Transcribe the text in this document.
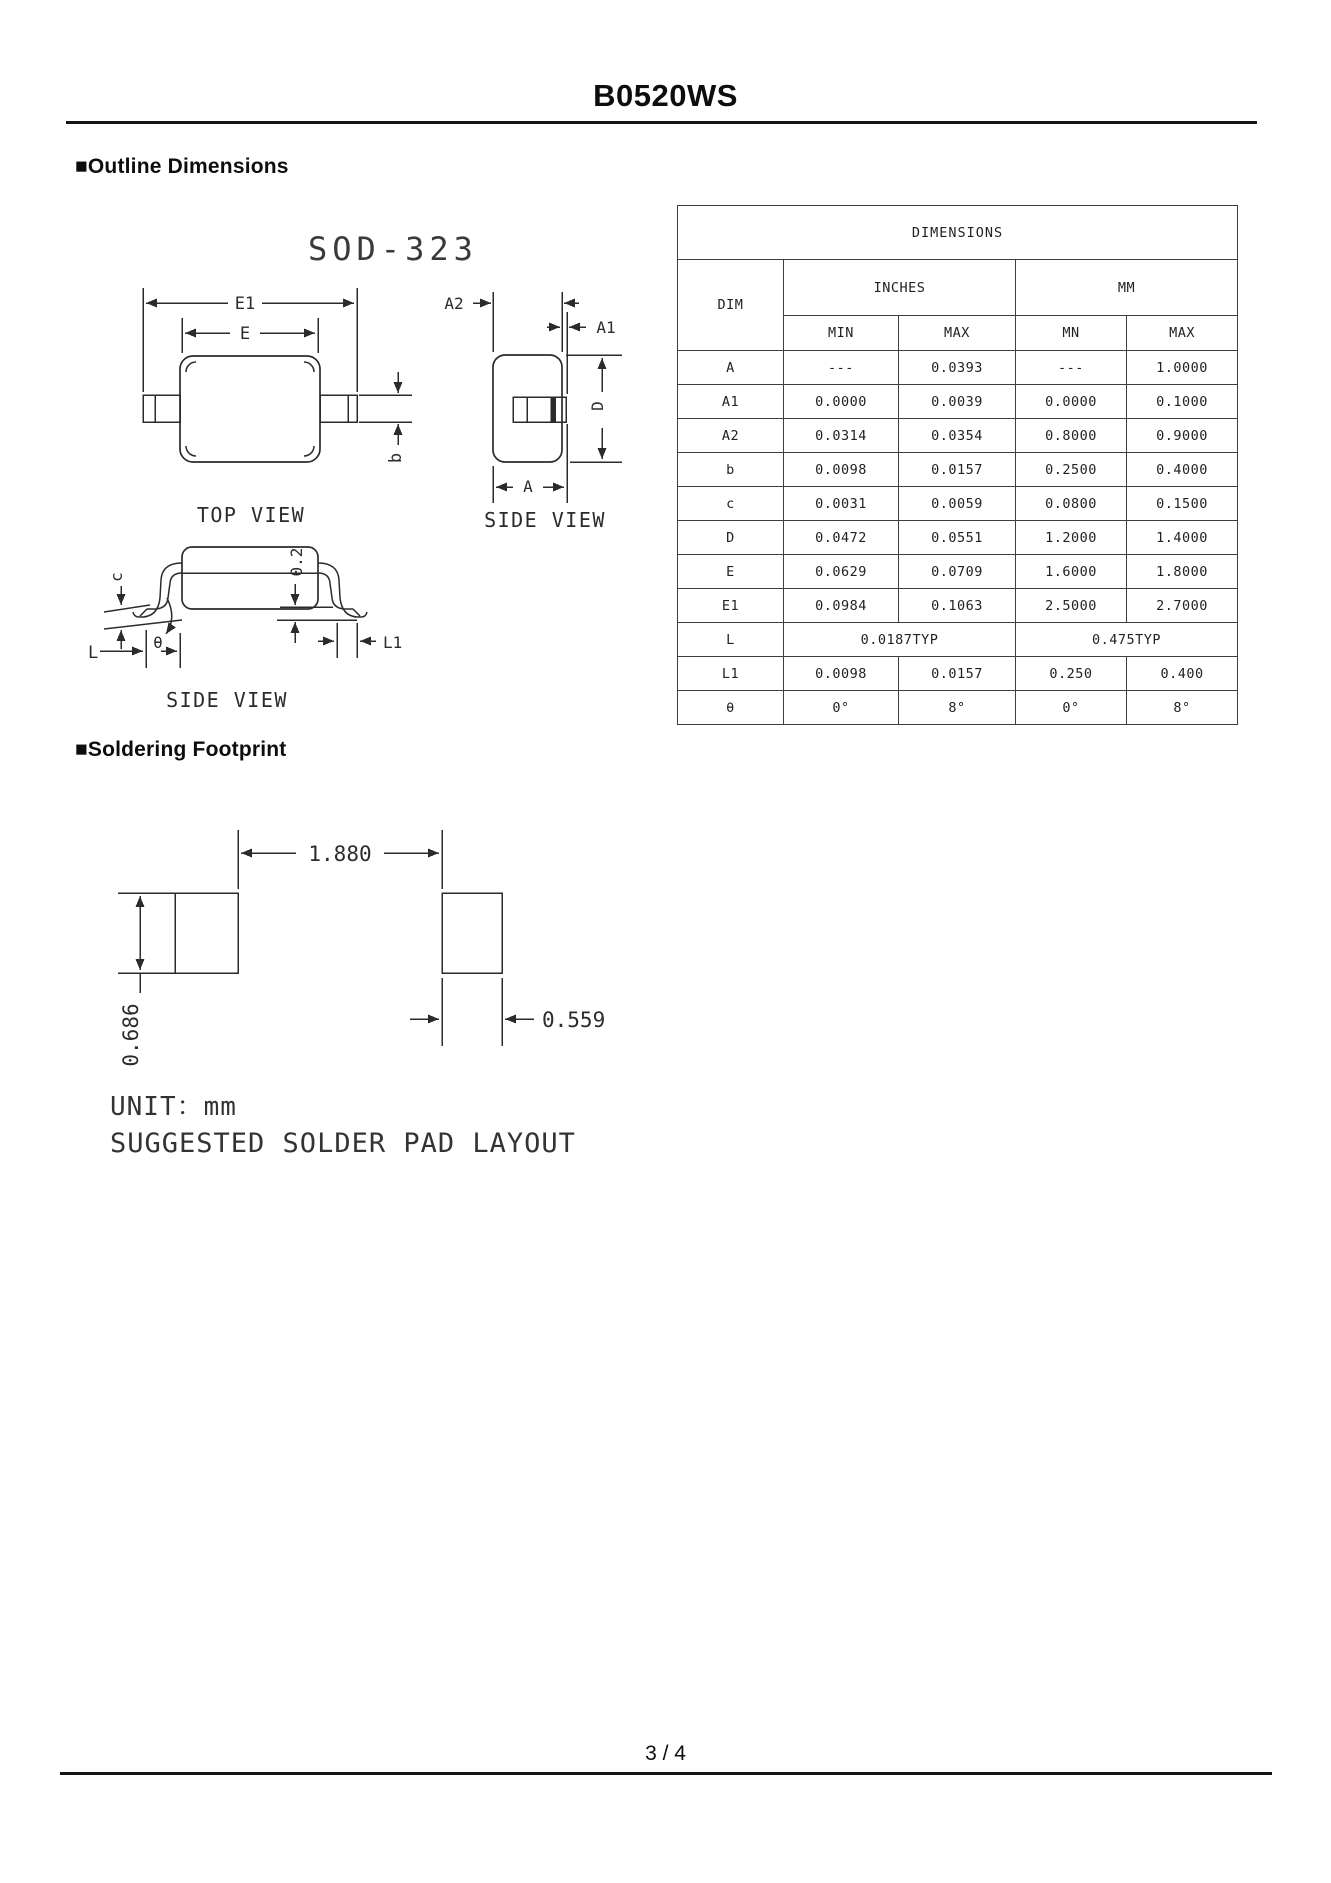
B0520WS
■Outline Dimensions
SOD-323
E1
E
b
TOP VIEW
A2
A1
D
A
SIDE VIEW
c
θ
0.2
L
L1
SIDE VIEW
DIMENSIONS				
DIM	INCHES		MM	
	MIN	MAX	MN	MAX
A	---	0.0393	---	1.0000
A1	0.0000	0.0039	0.0000	0.1000
A2	0.0314	0.0354	0.8000	0.9000
b	0.0098	0.0157	0.2500	0.4000
c	0.0031	0.0059	0.0800	0.1500
D	0.0472	0.0551	1.2000	1.4000
E	0.0629	0.0709	1.6000	1.8000
E1	0.0984	0.1063	2.5000	2.7000
L	0.0187TYP		0.475TYP	
L1	0.0098	0.0157	0.250	0.400
θ	0°	8°	0°	8°
■Soldering Footprint
1.880
0.686	0.559
UNIT：mm
SUGGESTED SOLDER PAD LAYOUT
3 / 4
